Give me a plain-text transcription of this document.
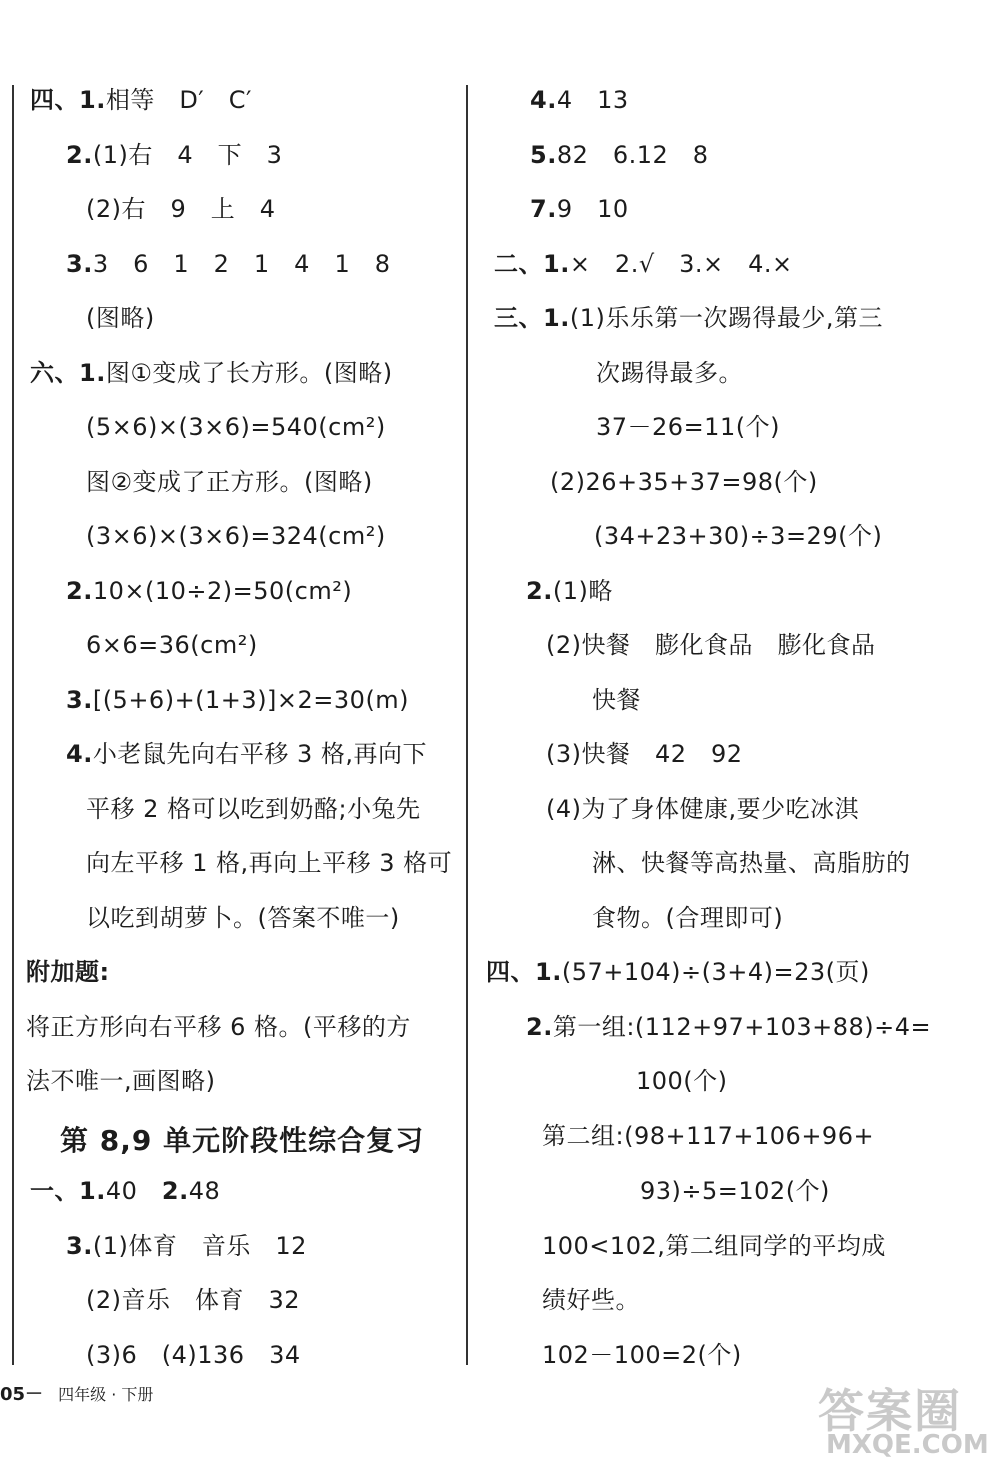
四、1.相等　D′　C′
2.(1)右　4　下　3
(2)右　9　上　4
3.3　6　1　2　1　4　1　8
(图略)
六、1.图①变成了长方形。(图略)
(5×6)×(3×6)=540(cm²)
图②变成了正方形。(图略)
(3×6)×(3×6)=324(cm²)
2.10×(10÷2)=50(cm²)
6×6=36(cm²)
3.[(5+6)+(1+3)]×2=30(m)
4.小老鼠先向右平移 3 格,再向下
平移 2 格可以吃到奶酪;小兔先
向左平移 1 格,再向上平移 3 格可
以吃到胡萝卜。(答案不唯一)
附加题:
将正方形向右平移 6 格。(平移的方
法不唯一,画图略)
第 8,9 单元阶段性综合复习
一、1.40　2.48
3.(1)体育　音乐　12
(2)音乐　体育　32
(3)6　(4)136　34
4.4　13
5.82　6.12　8
7.9　10
二、1.×　2.√　3.×　4.×
三、1.(1)乐乐第一次踢得最少,第三
次踢得最多。
37－26=11(个)
(2)26+35+37=98(个)
(34+23+30)÷3=29(个)
2.(1)略
(2)快餐　膨化食品　膨化食品
快餐
(3)快餐　42　92
(4)为了身体健康,要少吃冰淇
淋、快餐等高热量、高脂肪的
食物。(合理即可)
四、1.(57+104)÷(3+4)=23(页)
2.第一组:(112+97+103+88)÷4=
100(个)
第二组:(98+117+106+96+
93)÷5=102(个)
100<102,第二组同学的平均成
绩好些。
102－100=2(个)
05－ 四年级 · 下册	答案圈
MXQE.COM
